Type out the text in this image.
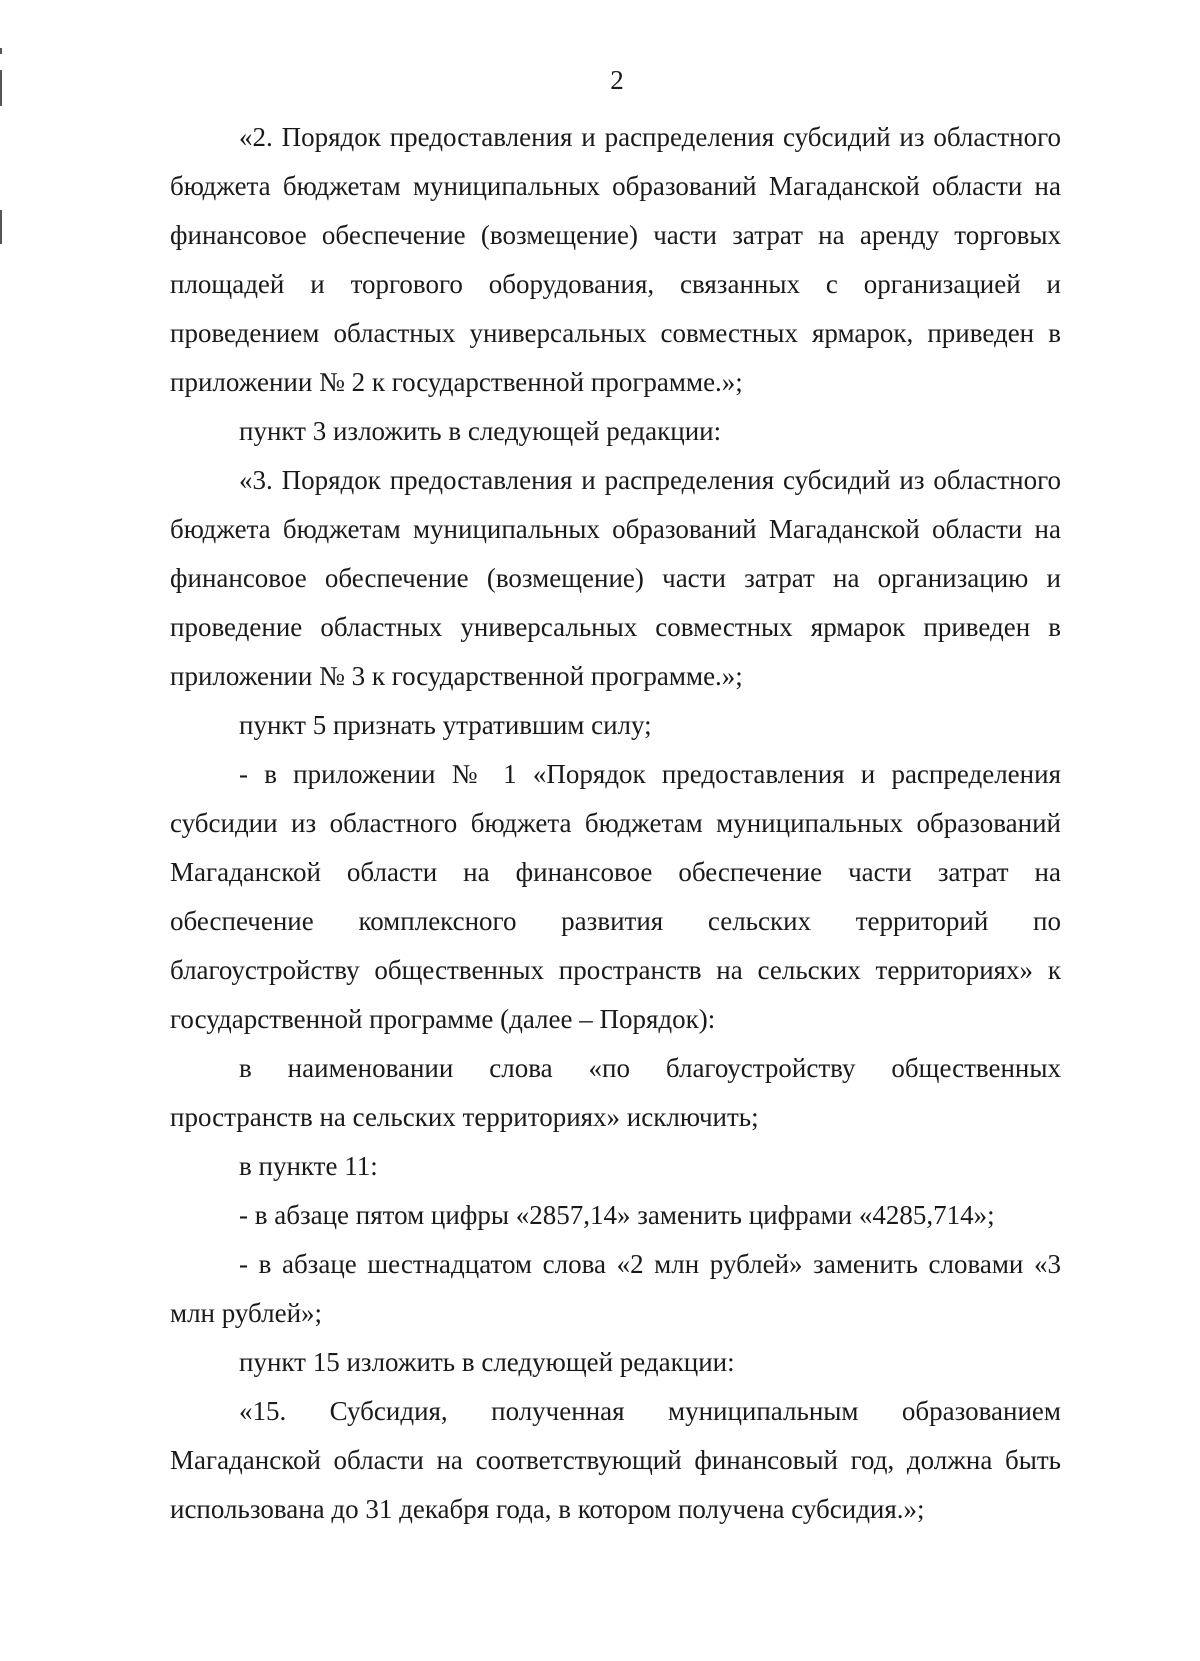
2

«2. Порядок предоставления и распределения субсидий из областного бюджета бюджетам муниципальных образований Магаданской области на финансовое обеспечение (возмещение) части затрат на аренду торговых площадей и торгового оборудования, связанных с организацией и проведением областных универсальных совместных ярмарок, приведен в приложении № 2 к государственной программе.»;

пункт 3 изложить в следующей редакции:

«3. Порядок предоставления и распределения субсидий из областного бюджета бюджетам муниципальных образований Магаданской области на финансовое обеспечение (возмещение) части затрат на организацию и проведение областных универсальных совместных ярмарок приведен в приложении № 3 к государственной программе.»;

пункт 5 признать утратившим силу;

- в приложении № 1 «Порядок предоставления и распределения субсидии из областного бюджета бюджетам муниципальных образований Магаданской области на финансовое обеспечение части затрат на обеспечение комплексного развития сельских территорий по благоустройству общественных пространств на сельских территориях» к государственной программе (далее – Порядок):

в наименовании слова «по благоустройству общественных пространств на сельских территориях» исключить;

в пункте 11:

- в абзаце пятом цифры «2857,14» заменить цифрами «4285,714»;

- в абзаце шестнадцатом слова «2 млн рублей» заменить словами «3 млн рублей»;

пункт 15 изложить в следующей редакции:

«15. Субсидия, полученная муниципальным образованием Магаданской области на соответствующий финансовый год, должна быть использована до 31 декабря года, в котором получена субсидия.»;
